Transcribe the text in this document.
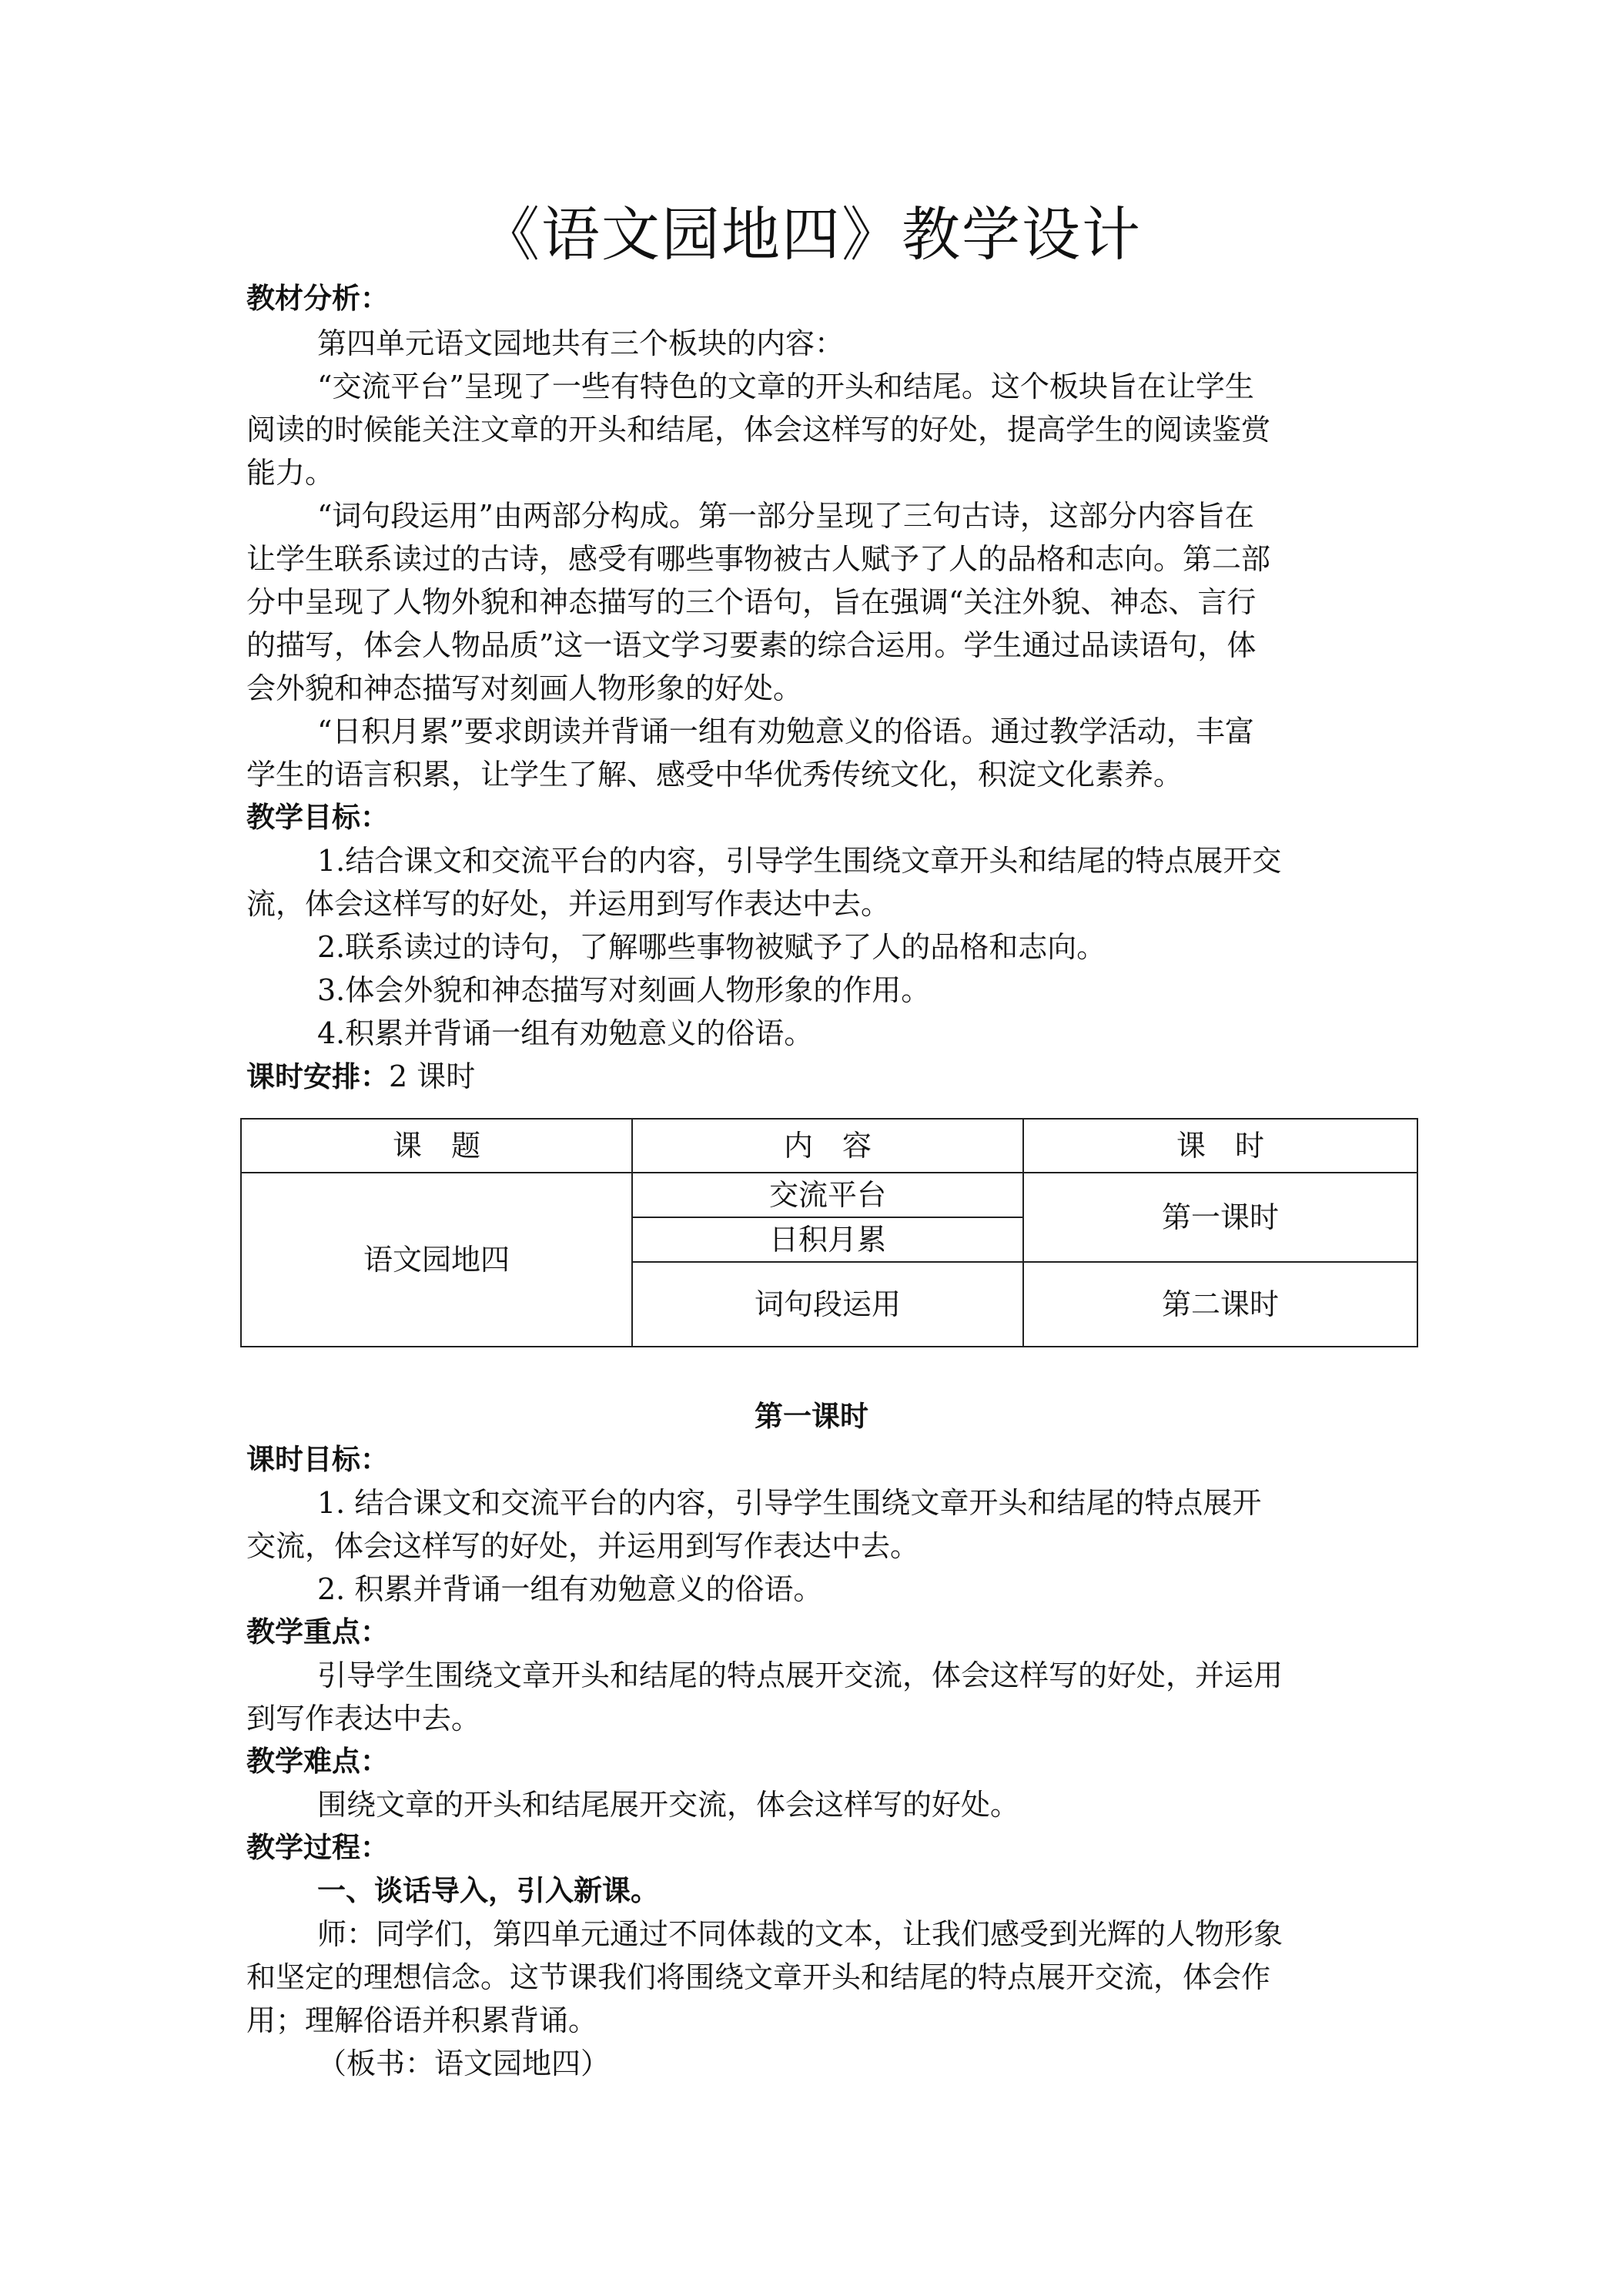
《语文园地四》教学设计
教材分析：
第四单元语文园地共有三个板块的内容：
“交流平台”呈现了一些有特色的文章的开头和结尾。这个板块旨在让学生
阅读的时候能关注文章的开头和结尾，体会这样写的好处，提高学生的阅读鉴赏
能力。
“词句段运用”由两部分构成。第一部分呈现了三句古诗，这部分内容旨在
让学生联系读过的古诗，感受有哪些事物被古人赋予了人的品格和志向。第二部
分中呈现了人物外貌和神态描写的三个语句，旨在强调“关注外貌、神态、言行
的描写，体会人物品质”这一语文学习要素的综合运用。学生通过品读语句，体
会外貌和神态描写对刻画人物形象的好处。
“日积月累”要求朗读并背诵一组有劝勉意义的俗语。通过教学活动，丰富
学生的语言积累，让学生了解、感受中华优秀传统文化，积淀文化素养。
教学目标：
1.结合课文和交流平台的内容，引导学生围绕文章开头和结尾的特点展开交
流，体会这样写的好处，并运用到写作表达中去。
2.联系读过的诗句，了解哪些事物被赋予了人的品格和志向。
3.体会外貌和神态描写对刻画人物形象的作用。
4.积累并背诵一组有劝勉意义的俗语。
课时安排：2 课时
课　题	内　容	课　时
语文园地四	交流平台	第一课时
	日积月累	
	词句段运用	第二课时
第一课时
课时目标：
1. 结合课文和交流平台的内容，引导学生围绕文章开头和结尾的特点展开
交流，体会这样写的好处，并运用到写作表达中去。
2. 积累并背诵一组有劝勉意义的俗语。
教学重点：
引导学生围绕文章开头和结尾的特点展开交流，体会这样写的好处，并运用
到写作表达中去。
教学难点：
围绕文章的开头和结尾展开交流，体会这样写的好处。
教学过程：
一、谈话导入，引入新课。
师：同学们，第四单元通过不同体裁的文本，让我们感受到光辉的人物形象
和坚定的理想信念。这节课我们将围绕文章开头和结尾的特点展开交流，体会作
用；理解俗语并积累背诵。
（板书：语文园地四）
